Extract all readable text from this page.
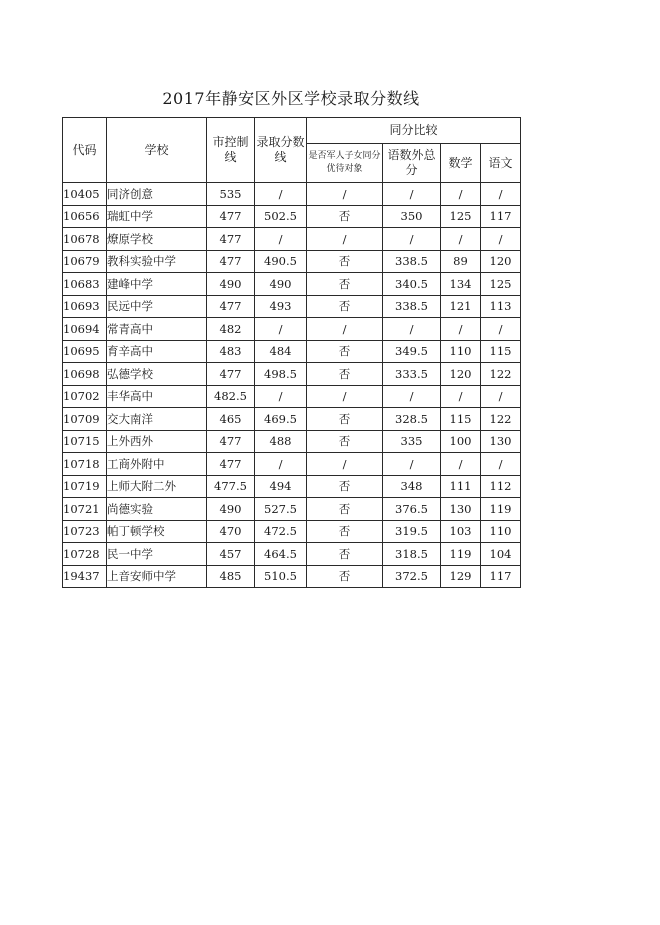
2017年静安区外区学校录取分数线
代码	学校	市控制线	录取分数线	同分比较			
				是否军人子女同分优待对象	语数外总分	数学	语文
10405	同济创意	535	/	/	/	/	/
10656	瑞虹中学	477	502.5	否	350	125	117
10678	燎原学校	477	/	/	/	/	/
10679	教科实验中学	477	490.5	否	338.5	89	120
10683	建峰中学	490	490	否	340.5	134	125
10693	民远中学	477	493	否	338.5	121	113
10694	常青高中	482	/	/	/	/	/
10695	育辛高中	483	484	否	349.5	110	115
10698	弘德学校	477	498.5	否	333.5	120	122
10702	丰华高中	482.5	/	/	/	/	/
10709	交大南洋	465	469.5	否	328.5	115	122
10715	上外西外	477	488	否	335	100	130
10718	工商外附中	477	/	/	/	/	/
10719	上师大附二外	477.5	494	否	348	111	112
10721	尚德实验	490	527.5	否	376.5	130	119
10723	帕丁顿学校	470	472.5	否	319.5	103	110
10728	民一中学	457	464.5	否	318.5	119	104
19437	上音安师中学	485	510.5	否	372.5	129	117
